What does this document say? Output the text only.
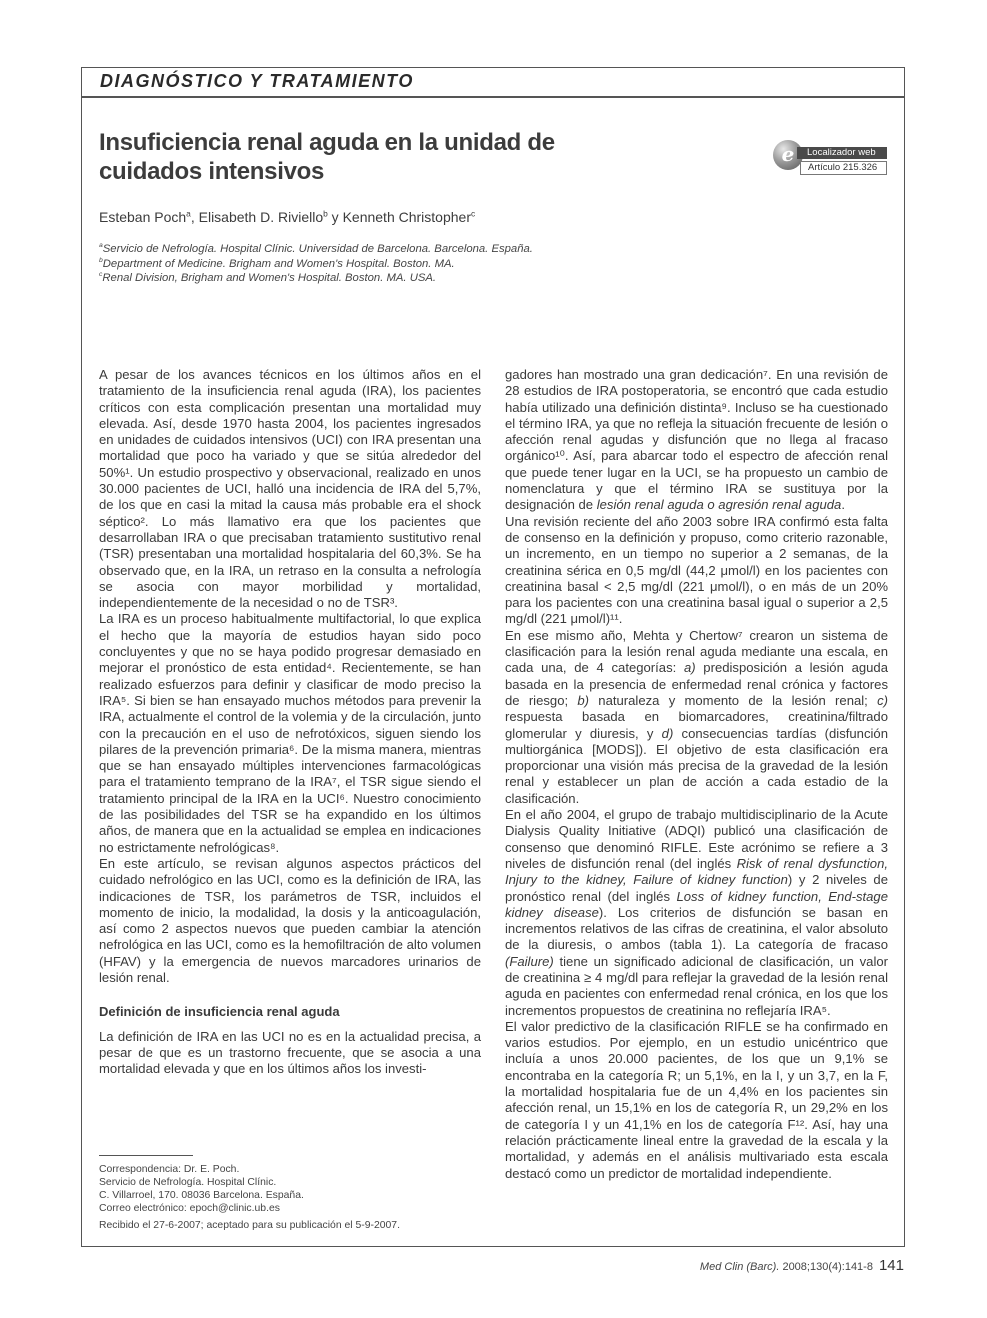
DIAGNÓSTICO Y TRATAMIENTO
Insuficiencia renal aguda en la unidad de cuidados intensivos
e	Localizador web
Artículo 215.326
Esteban Poch$^a$, Elisabeth D. Riviello$^b$ y Kenneth Christopher$^c$
$^a$Servicio de Nefrología. Hospital Clínic. Universidad de Barcelona. Barcelona. España.
$^b$Department of Medicine. Brigham and Women's Hospital. Boston. MA.
$^c$Renal Division, Brigham and Women's Hospital. Boston. MA. USA.

A pesar de los avances técnicos en los últimos años en el tratamiento de la insuficiencia renal aguda (IRA), los pacientes críticos con esta complicación presentan una mortalidad muy elevada. Así, desde 1970 hasta 2004, los pacientes ingresados en unidades de cuidados intensivos (UCI) con IRA presentan una mortalidad que poco ha variado y que se sitúa alrededor del 50%¹. Un estudio prospectivo y observacional, realizado en unos 30.000 pacientes de UCI, halló una incidencia de IRA del 5,7%, de los que en casi la mitad la causa más probable era el shock séptico². Lo más llamativo era que los pacientes que desarrollaban IRA o que precisaban tratamiento sustitutivo renal (TSR) presentaban una mortalidad hospitalaria del 60,3%. Se ha observado que, en la IRA, un retraso en la consulta a nefrología se asocia con mayor morbilidad y mortalidad, independientemente de la necesidad o no de TSR³.

La IRA es un proceso habitualmente multifactorial, lo que explica el hecho que la mayoría de estudios hayan sido poco concluyentes y que no se haya podido progresar demasiado en mejorar el pronóstico de esta entidad⁴. Recientemente, se han realizado esfuerzos para definir y clasificar de modo preciso la IRA⁵. Si bien se han ensayado muchos métodos para prevenir la IRA, actualmente el control de la volemia y de la circulación, junto con la precaución en el uso de nefrotóxicos, siguen siendo los pilares de la prevención primaria⁶. De la misma manera, mientras que se han ensayado múltiples intervenciones farmacológicas para el tratamiento temprano de la IRA⁷, el TSR sigue siendo el tratamiento principal de la IRA en la UCI⁶. Nuestro conocimiento de las posibilidades del TSR se ha expandido en los últimos años, de manera que en la actualidad se emplea en indicaciones no estrictamente nefrológicas⁸.

En este artículo, se revisan algunos aspectos prácticos del cuidado nefrológico en las UCI, como es la definición de IRA, las indicaciones de TSR, los parámetros de TSR, incluidos el momento de inicio, la modalidad, la dosis y la anticoagulación, así como 2 aspectos nuevos que pueden cambiar la atención nefrológica en las UCI, como es la hemofiltración de alto volumen (HFAV) y la emergencia de nuevos marcadores urinarios de lesión renal.

Definición de insuficiencia renal aguda

La definición de IRA en las UCI no es en la actualidad precisa, a pesar de que es un trastorno frecuente, que se asocia a una mortalidad elevada y que en los últimos años los investi-

gadores han mostrado una gran dedicación⁷. En una revisión de 28 estudios de IRA postoperatoria, se encontró que cada estudio había utilizado una definición distinta⁹. Incluso se ha cuestionado el término IRA, ya que no refleja la situación frecuente de lesión o afección renal agudas y disfunción que no llega al fracaso orgánico¹⁰. Así, para abarcar todo el espectro de afección renal que puede tener lugar en la UCI, se ha propuesto un cambio de nomenclatura y que el término IRA se sustituya por la designación de lesión renal aguda o agresión renal aguda.

Una revisión reciente del año 2003 sobre IRA confirmó esta falta de consenso en la definición y propuso, como criterio razonable, un incremento, en un tiempo no superior a 2 semanas, de la creatinina sérica en 0,5 mg/dl (44,2 μmol/l) en los pacientes con creatinina basal < 2,5 mg/dl (221 μmol/l), o en más de un 20% para los pacientes con una creatinina basal igual o superior a 2,5 mg/dl (221 μmol/l)¹¹.

En ese mismo año, Mehta y Chertow⁷ crearon un sistema de clasificación para la lesión renal aguda mediante una escala, en cada una, de 4 categorías: a) predisposición a lesión aguda basada en la presencia de enfermedad renal crónica y factores de riesgo; b) naturaleza y momento de la lesión renal; c) respuesta basada en biomarcadores, creatinina/filtrado glomerular y diuresis, y d) consecuencias tardías (disfunción multiorgánica [MODS]). El objetivo de esta clasificación era proporcionar una visión más precisa de la gravedad de la lesión renal y establecer un plan de acción a cada estadio de la clasificación.

En el año 2004, el grupo de trabajo multidisciplinario de la Acute Dialysis Quality Initiative (ADQI) publicó una clasificación de consenso que denominó RIFLE. Este acrónimo se refiere a 3 niveles de disfunción renal (del inglés Risk of renal dysfunction, Injury to the kidney, Failure of kidney function) y 2 niveles de pronóstico renal (del inglés Loss of kidney function, End-stage kidney disease). Los criterios de disfunción se basan en incrementos relativos de las cifras de creatinina, el valor absoluto de la diuresis, o ambos (tabla 1). La categoría de fracaso (Failure) tiene un significado adicional de clasificación, un valor de creatinina ≥ 4 mg/dl para reflejar la gravedad de la lesión renal aguda en pacientes con enfermedad renal crónica, en los que los incrementos propuestos de creatinina no reflejaría IRA⁵.

El valor predictivo de la clasificación RIFLE se ha confirmado en varios estudios. Por ejemplo, en un estudio unicéntrico que incluía a unos 20.000 pacientes, de los que un 9,1% se encontraba en la categoría R; un 5,1%, en la I, y un 3,7, en la F, la mortalidad hospitalaria fue de un 4,4% en los pacientes sin afección renal, un 15,1% en los de categoría R, un 29,2% en los de categoría I y un 41,1% en los de categoría F¹². Así, hay una relación prácticamente lineal entre la gravedad de la escala y la mortalidad, y además en el análisis multivariado esta escala destacó como un predictor de mortalidad independiente.

Correspondencia: Dr. E. Poch.
Servicio de Nefrología. Hospital Clínic.
C. Villarroel, 170. 08036 Barcelona. España.
Correo electrónico: epoch@clinic.ub.es
Recibido el 27-6-2007; aceptado para su publicación el 5-9-2007.
Med Clin (Barc). 2008;130(4):141-8 141
